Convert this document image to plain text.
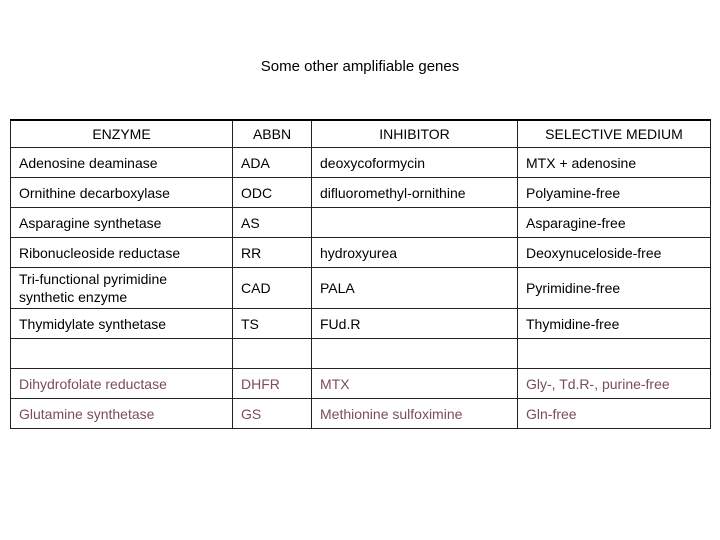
Some other amplifiable genes
ENZYME	ABBN	INHIBITOR	SELECTIVE MEDIUM
Adenosine deaminase	ADA	deoxycoformycin	MTX + adenosine
Ornithine decarboxylase	ODC	difluoromethyl-ornithine	Polyamine-free
Asparagine synthetase	AS		Asparagine-free
Ribonucleoside reductase	RR	hydroxyurea	Deoxynuceloside-free
Tri-functional pyrimidine synthetic enzyme	CAD	PALA	Pyrimidine-free
Thymidylate synthetase	TS	FUd.R	Thymidine-free

Dihydrofolate reductase	DHFR	MTX	Gly-, Td.R-, purine-free
Glutamine synthetase	GS	Methionine sulfoximine	Gln-free
